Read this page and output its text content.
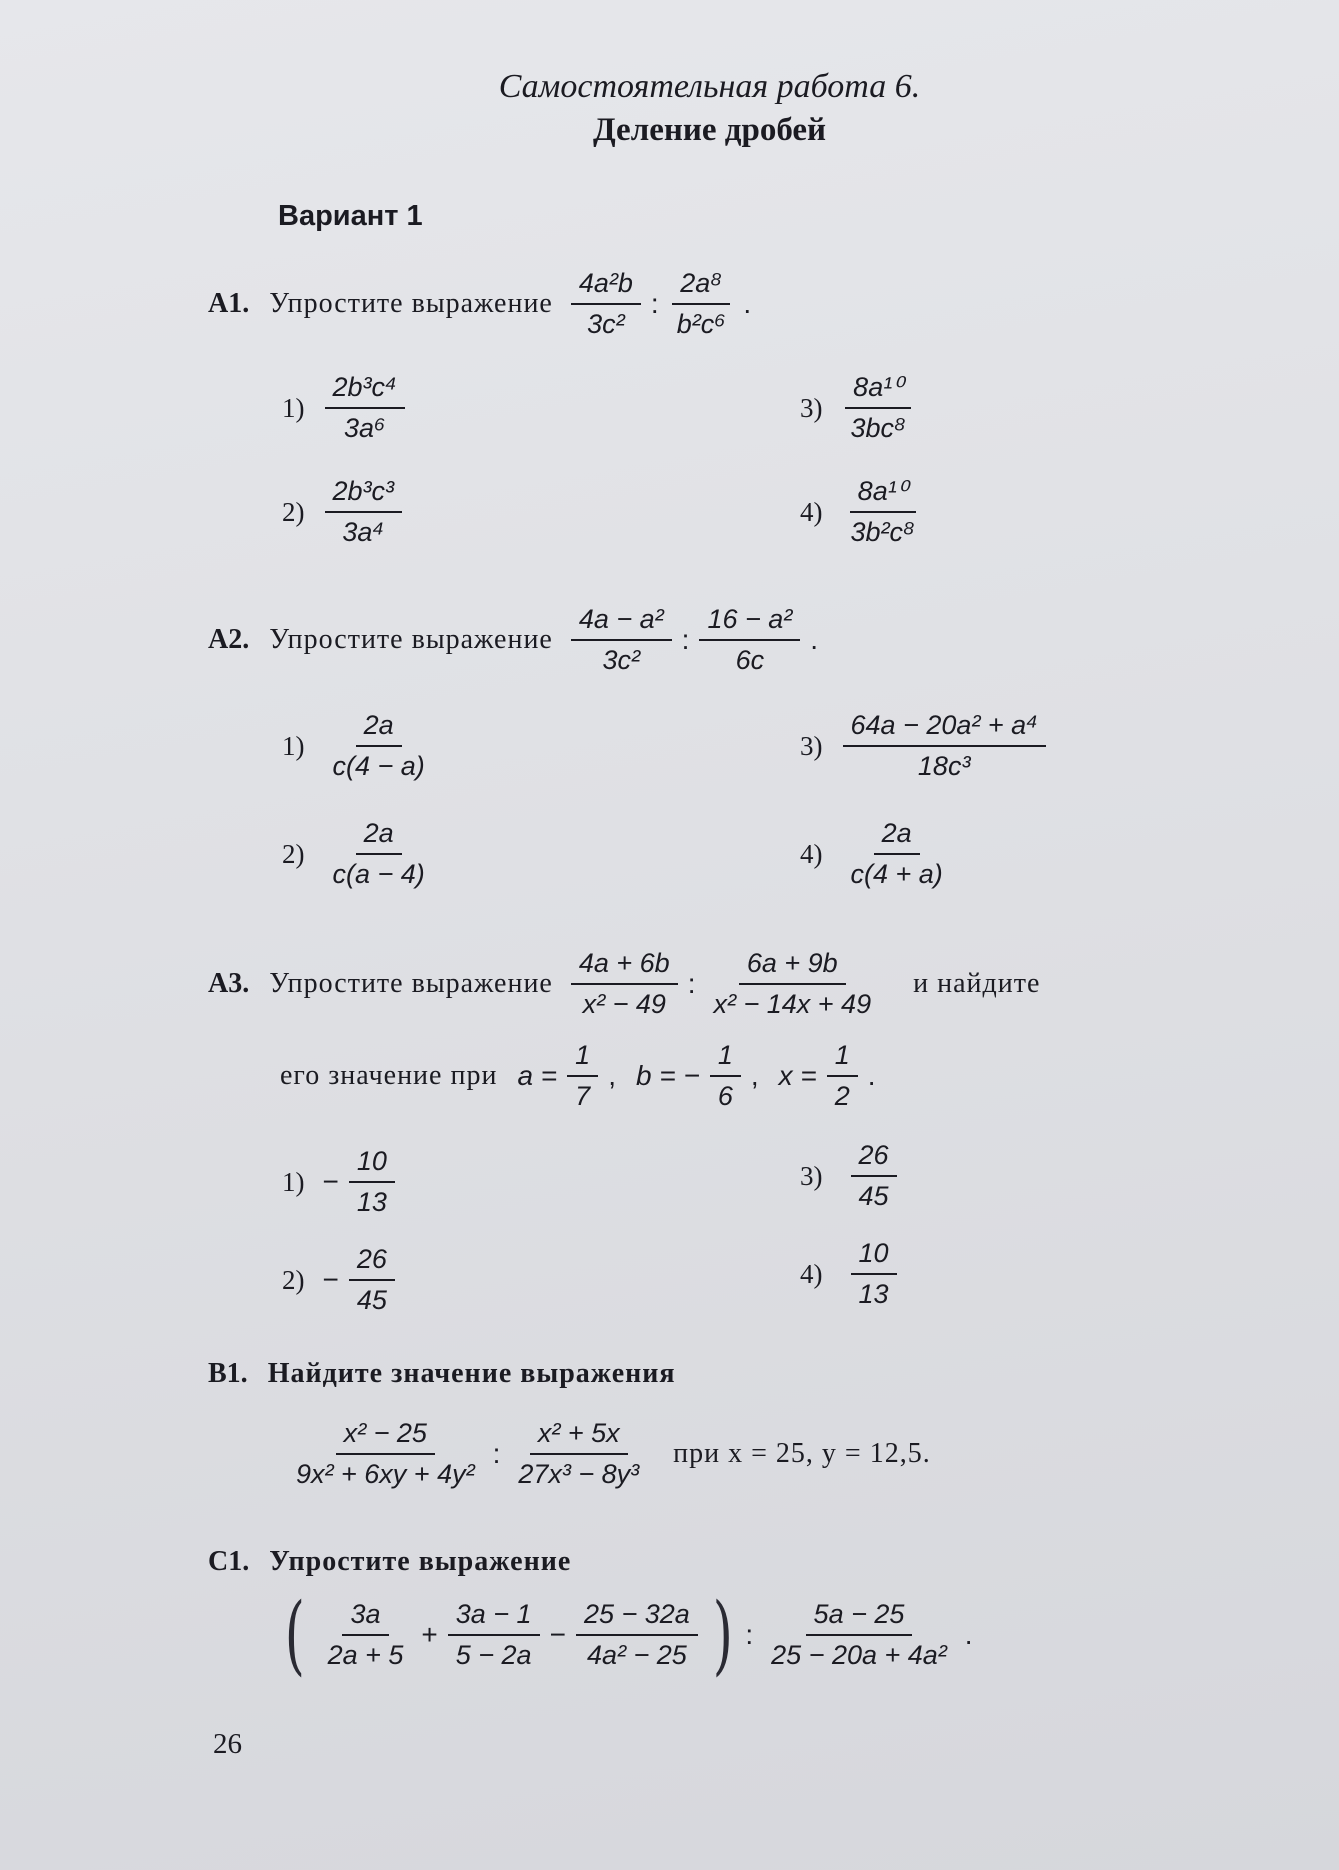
Самостоятельная работа 6.
Деление дробей
Вариант 1
A1. Упростите выражение $\frac{\text{4a²b}}{\text{3c²}}$ : $\frac{\text{2a⁸}}{\text{b²c⁶}}$ .
$1) \frac{\text{2b³c⁴}}{\text{3a⁶}}$
$2) \frac{\text{2b³c³}}{\text{3a⁴}}$
$3) \frac{\text{8a¹⁰}}{\text{3bc⁸}}$
$4) \frac{\text{8a¹⁰}}{\text{3b²c⁸}}$
A2. Упростите выражение $\frac{\text{4a − a²}}{\text{3c²}}$ : $\frac{\text{16 − a²}}{6c}$ .
$1) \frac{2a}{c(4 - a)}$
$2) \frac{2a}{c(a - 4)}$
$3) \frac{\text{64a − 20a² + a⁴}}{\text{18c³}}$
$4) \frac{2a}{c(4 + a)}$
A3. Упростите выражение $\frac{4a + 6b}{\text{x² − 49}}$ : $\frac{6a + 9b}{\text{x² − 14x + 49}}$ и найдите
его значение при $a = \frac{1}{7}$ , b = − $\frac{1}{6}$ , $x = \frac{1}{2}$ .
$1) - \frac{10}{13}$
$2) - \frac{26}{45}$
$3) \frac{26}{45}$
$4) \frac{10}{13}$
B1. Найдите значение выражения
$\frac{\text{x² − 25}}{\text{9x² + 6xy + 4y²}}$ : $\frac{\text{x² + 5x}}{\text{27x³ − 8y³}}$ при x = 25, y = 12,5.
C1. Упростите выражение
( $\frac{3a}{2a + 5} + \frac{3a - 1}{5 - 2a} - \frac{25 - 32a}{\text{4a² − 25}}$ ) : $\frac{5a - 25}{\text{25 − 20a + 4a²}}$ .
26
